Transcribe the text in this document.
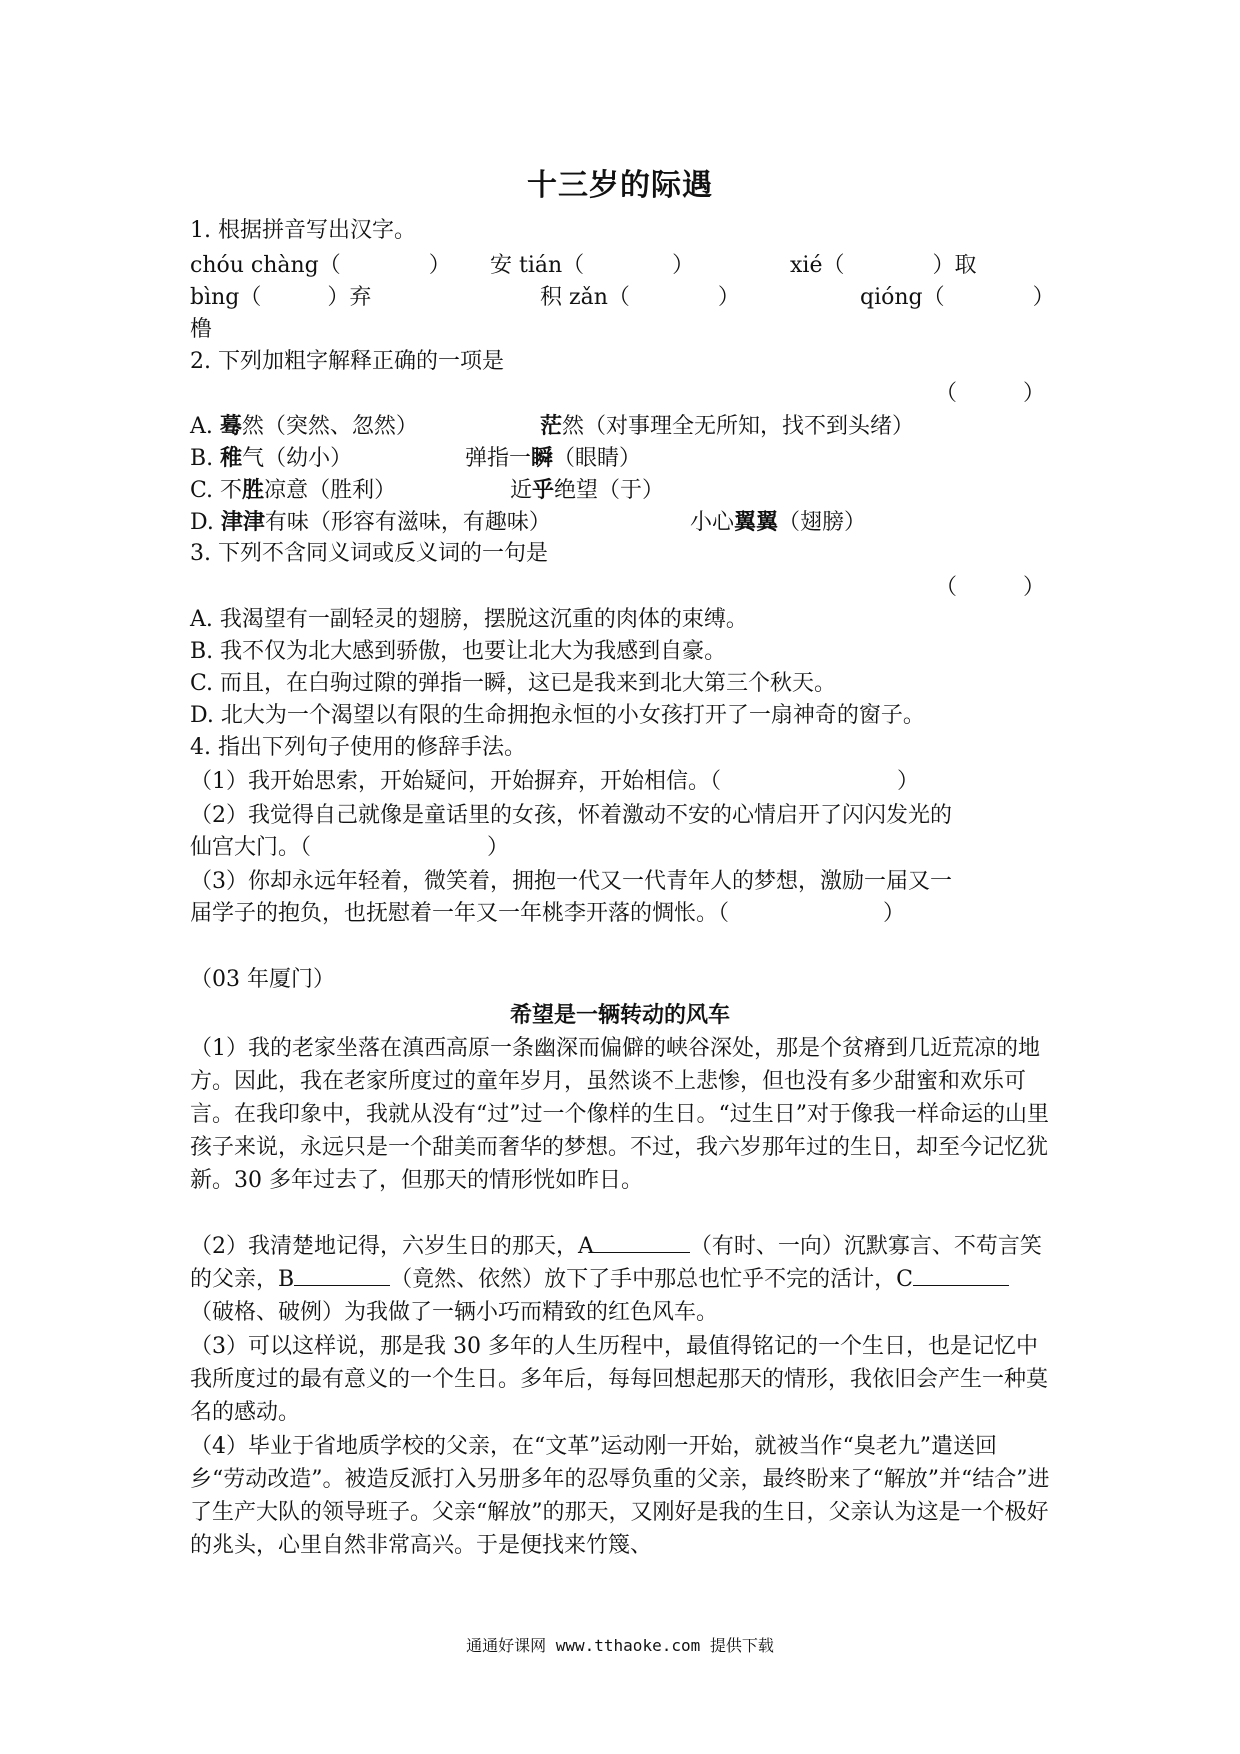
十三岁的际遇
1. 根据拼音写出汉字。
chóu chàng（　　　　） 安 tián（　　　　）	xié（　　　　）取
bìng（　　　）弃	积 zǎn（　　　　）	qióng（　　　　）
橹
2. 下列加粗字解释正确的一项是
（　　　）
A. 蓦然（突然、忽然）	茫然（对事理全无所知，找不到头绪）
B. 稚气（幼小）	弹指一瞬（眼睛）
C. 不胜凉意（胜利）	近乎绝望（于）
D. 津津有味（形容有滋味，有趣味）	小心翼翼（翅膀）
3. 下列不含同义词或反义词的一句是
（　　　）
A. 我渴望有一副轻灵的翅膀，摆脱这沉重的肉体的束缚。
B. 我不仅为北大感到骄傲，也要让北大为我感到自豪。
C. 而且，在白驹过隙的弹指一瞬，这已是我来到北大第三个秋天。
D. 北大为一个渴望以有限的生命拥抱永恒的小女孩打开了一扇神奇的窗子。
4. 指出下列句子使用的修辞手法。
（1）我开始思索，开始疑问，开始摒弃，开始相信。（　　　　　　　　）
（2）我觉得自己就像是童话里的女孩，怀着激动不安的心情启开了闪闪发光的
仙宫大门。（　　　　　　　　）
（3）你却永远年轻着，微笑着，拥抱一代又一代青年人的梦想，激励一届又一
届学子的抱负，也抚慰着一年又一年桃李开落的惆怅。（　　　　　　　）
（03 年厦门）
希望是一辆转动的风车
（1）我的老家坐落在滇西高原一条幽深而偏僻的峡谷深处，那是个贫瘠到几近荒凉的地方。因此，我在老家所度过的童年岁月，虽然谈不上悲惨，但也没有多少甜蜜和欢乐可言。在我印象中，我就从没有“过”过一个像样的生日。“过生日”对于像我一样命运的山里孩子来说，永远只是一个甜美而奢华的梦想。不过，我六岁那年过的生日，却至今记忆犹新。30 多年过去了，但那天的情形恍如昨日。
（2）我清楚地记得，六岁生日的那天，A	（有时、一向）沉默寡言、不苟言笑的父亲，B	（竟然、依然）放下了手中那总也忙乎不完的活计，C（破格、破例）为我做了一辆小巧而精致的红色风车。
（3）可以这样说，那是我 30 多年的人生历程中，最值得铭记的一个生日，也是记忆中我所度过的最有意义的一个生日。多年后，每每回想起那天的情形，我依旧会产生一种莫名的感动。
（4）毕业于省地质学校的父亲，在“文革”运动刚一开始，就被当作“臭老九”遣送回乡“劳动改造”。被造反派打入另册多年的忍辱负重的父亲，最终盼来了“解放”并“结合”进了生产大队的领导班子。父亲“解放”的那天，又刚好是我的生日，父亲认为这是一个极好的兆头，心里自然非常高兴。于是便找来竹篾、
通通好课网 www.tthaoke.com 提供下载
